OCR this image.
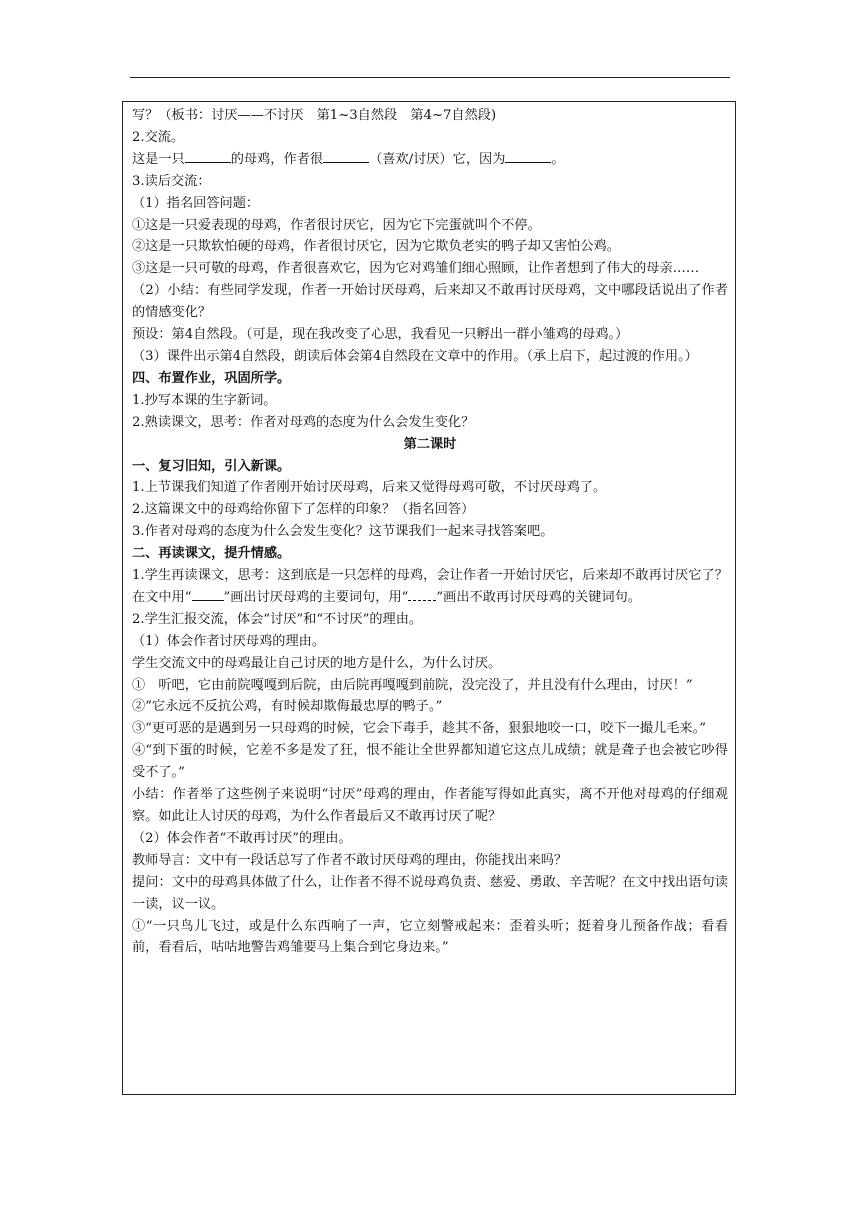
写？（板书：讨厌——不讨厌　第1~3自然段　第4~7自然段)

2.交流。

这是一只	的母鸡，作者很	（喜欢/讨厌）它，因为	。

3.读后交流：

（1）指名回答问题：

①这是一只爱表现的母鸡，作者很讨厌它，因为它下完蛋就叫个不停。

②这是一只欺软怕硬的母鸡，作者很讨厌它，因为它欺负老实的鸭子却又害怕公鸡。

③这是一只可敬的母鸡，作者很喜欢它，因为它对鸡雏们细心照顾，让作者想到了伟大的母亲……

（2）小结：有些同学发现，作者一开始讨厌母鸡，后来却又不敢再讨厌母鸡，文中哪段话说出了作者的情感变化？

预设：第4自然段。（可是，现在我改变了心思，我看见一只孵出一群小雏鸡的母鸡。）

（3）课件出示第4自然段，朗读后体会第4自然段在文章中的作用。（承上启下，起过渡的作用。）

四、布置作业，巩固所学。

1.抄写本课的生字新词。

2.熟读课文，思考：作者对母鸡的态度为什么会发生变化？

第二课时

一、复习旧知，引入新课。

1.上节课我们知道了作者刚开始讨厌母鸡，后来又觉得母鸡可敬，不讨厌母鸡了。

2.这篇课文中的母鸡给你留下了怎样的印象？（指名回答）

3.作者对母鸡的态度为什么会发生变化？这节课我们一起来寻找答案吧。

二、再读课文，提升情感。

1.学生再读课文，思考：这到底是一只怎样的母鸡，会让作者一开始讨厌它，后来却不敢再讨厌它了？在文中用“ ”画出讨厌母鸡的主要词句，用“ ”画出不敢再讨厌母鸡的关键词句。

2.学生汇报交流，体会“讨厌”和“不讨厌”的理由。

（1）体会作者讨厌母鸡的理由。

学生交流文中的母鸡最让自己讨厌的地方是什么，为什么讨厌。

①　听吧，它由前院嘎嘎到后院，由后院再嘎嘎到前院，没完没了，并且没有什么理由，讨厌！”

②“它永远不反抗公鸡，有时候却欺侮最忠厚的鸭子。”

③“更可恶的是遇到另一只母鸡的时候，它会下毒手，趁其不备，狠狠地咬一口，咬下一撮儿毛来。”

④“到下蛋的时候，它差不多是发了狂，恨不能让全世界都知道它这点儿成绩；就是聋子也会被它吵得受不了。”

小结：作者举了这些例子来说明“讨厌”母鸡的理由，作者能写得如此真实，离不开他对母鸡的仔细观察。如此让人讨厌的母鸡，为什么作者最后又不敢再讨厌了呢？

（2）体会作者“不敢再讨厌”的理由。

教师导言：文中有一段话总写了作者不敢讨厌母鸡的理由，你能找出来吗？

提问：文中的母鸡具体做了什么，让作者不得不说母鸡负责、慈爱、勇敢、辛苦呢？在文中找出语句读一读，议一议。

①“一只鸟儿飞过，或是什么东西响了一声，它立刻警戒起来：歪着头听；挺着身儿预备作战；看看前，看看后，咕咕地警告鸡雏要马上集合到它身边来。”
